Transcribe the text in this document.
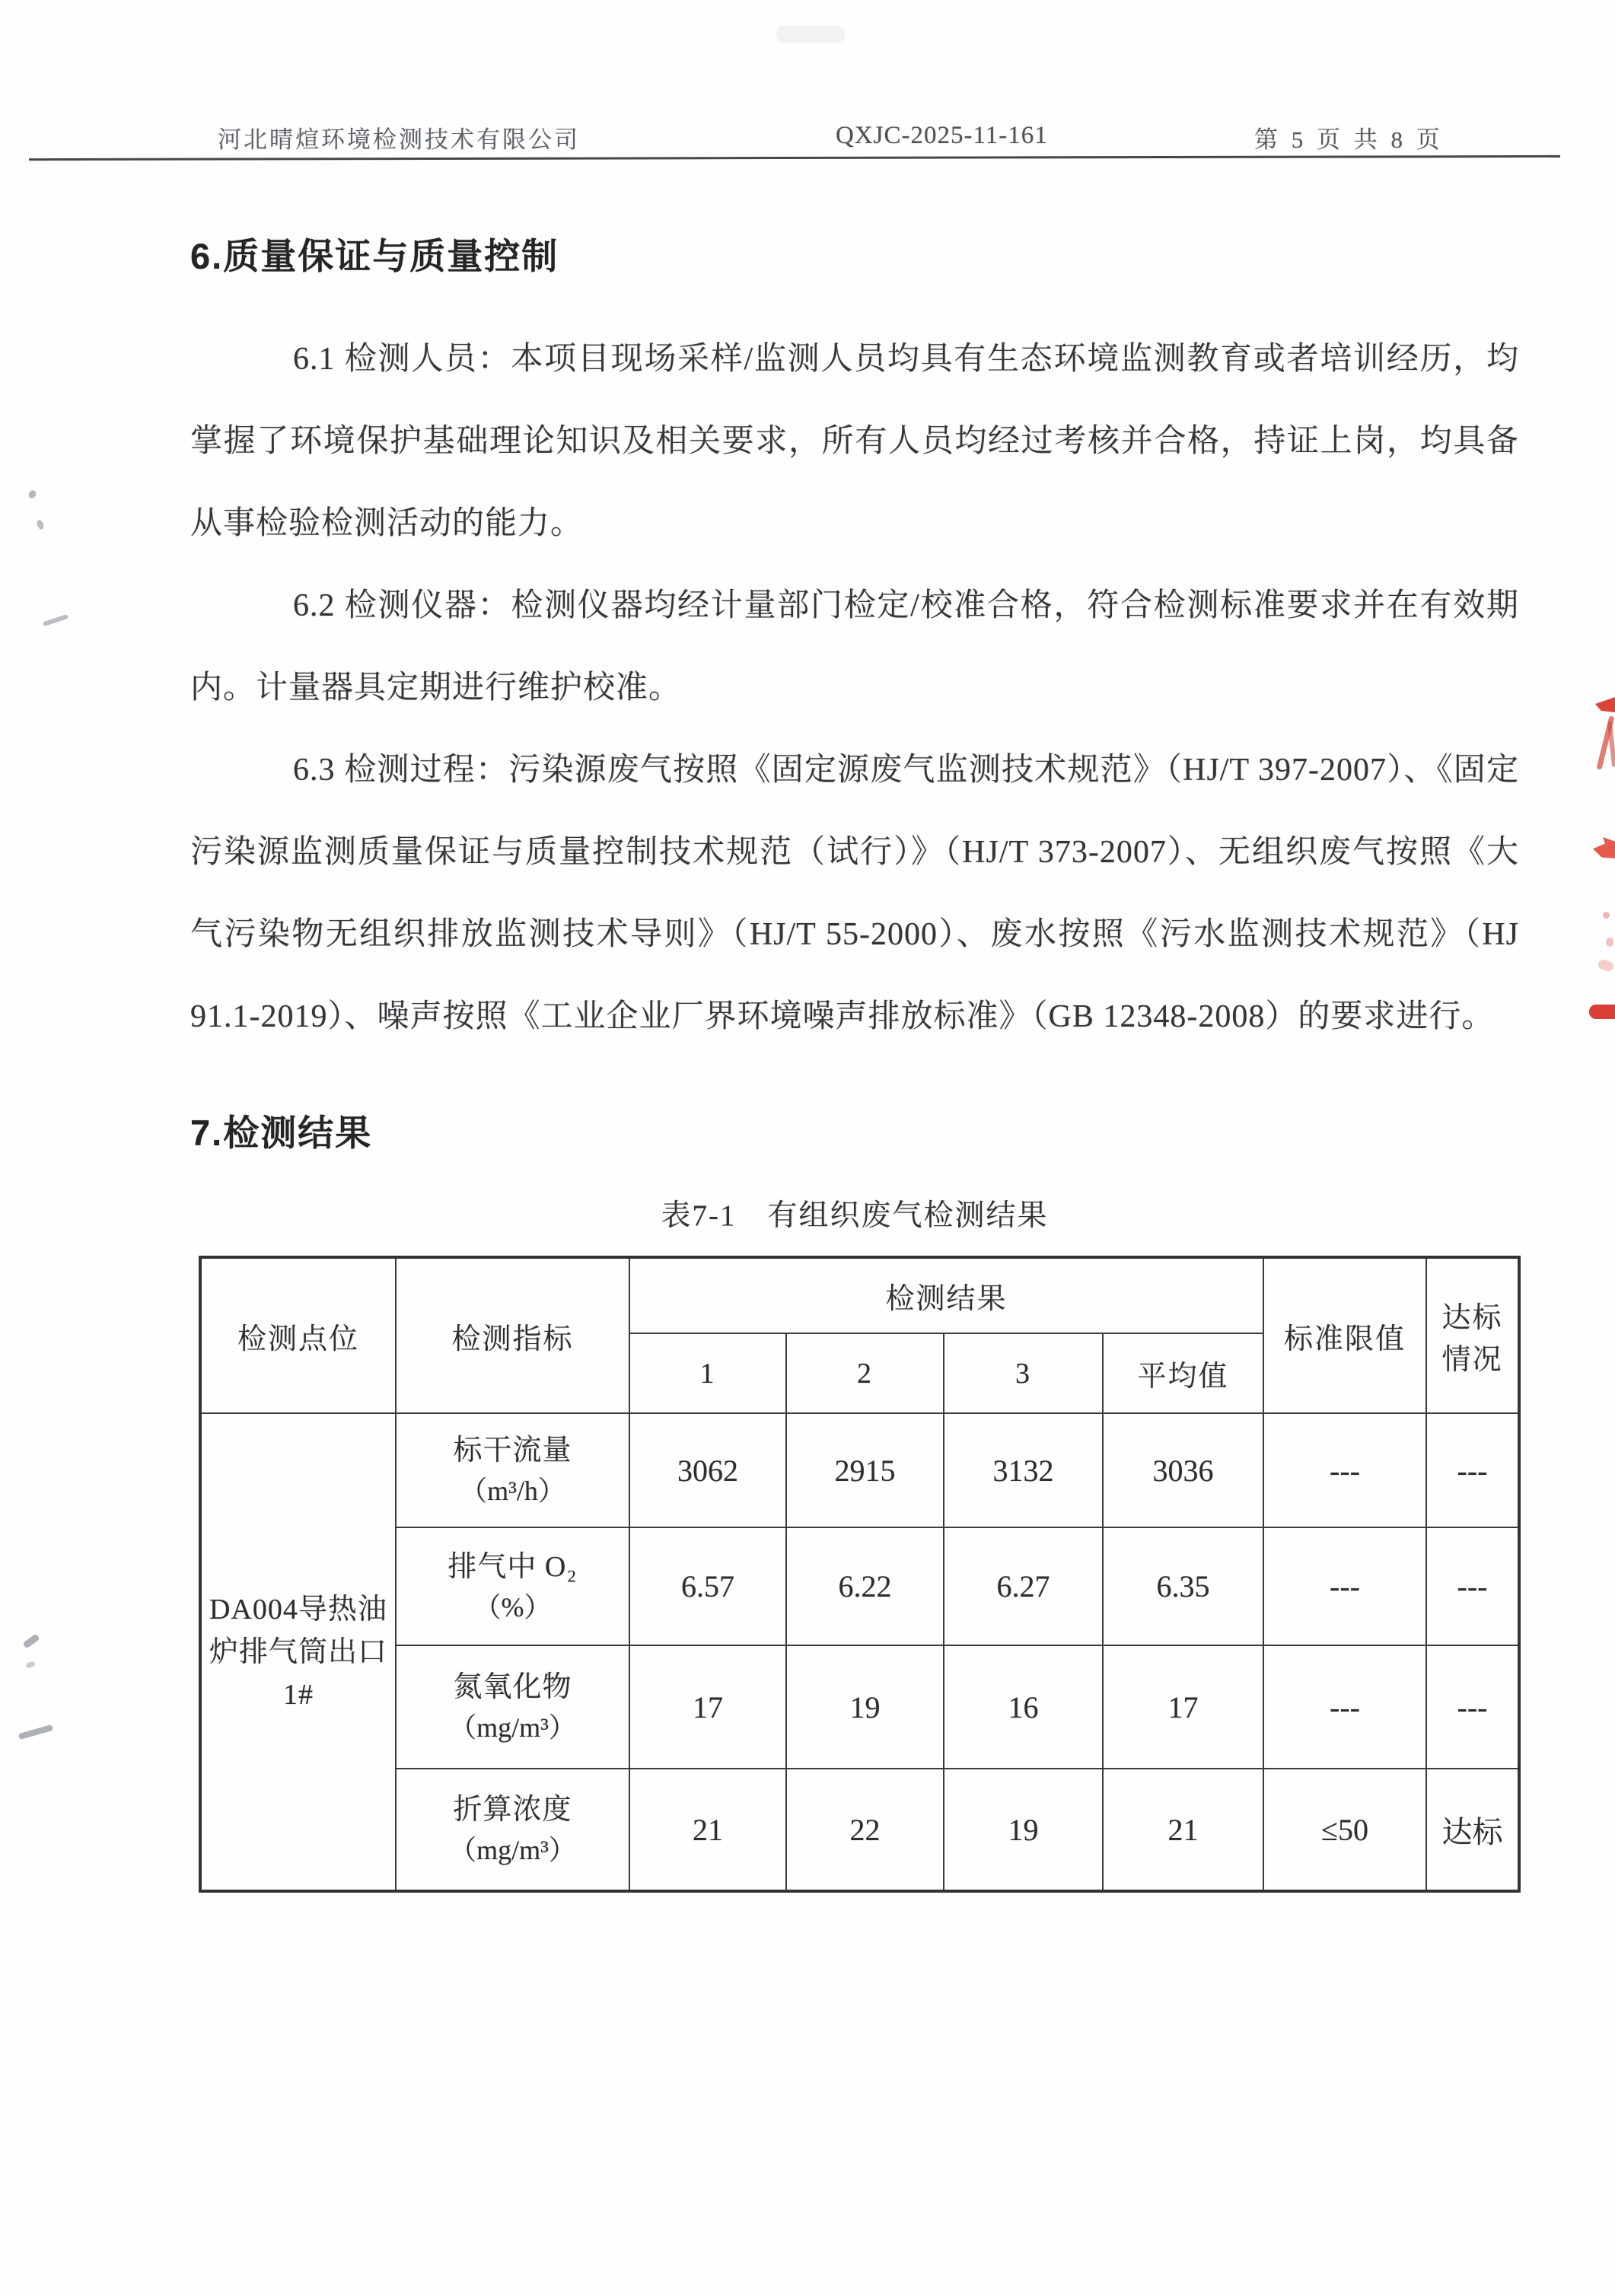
河北晴煊环境检测技术有限公司	QXJC-2025-11-161	第 5 页 共 8 页
6.质量保证与质量控制

6.1 检测人员：本项目现场采样/监测人员均具有生态环境监测教育或者培训经历，均掌握了环境保护基础理论知识及相关要求，所有人员均经过考核并合格，持证上岗，均具备从事检验检测活动的能力。

6.2 检测仪器：检测仪器均经计量部门检定/校准合格，符合检测标准要求并在有效期内。计量器具定期进行维护校准。

6.3 检测过程：污染源废气按照《固定源废气监测技术规范》（HJ/T 397-2007）、《固定污染源监测质量保证与质量控制技术规范（试行）》（HJ/T 373-2007）、无组织废气按照《大气污染物无组织排放监测技术导则》（HJ/T 55-2000）、废水按照《污水监测技术规范》（HJ 91.1-2019）、噪声按照《工业企业厂界环境噪声排放标准》（GB 12348-2008）的要求进行。

7.检测结果
表7-1　有组织废气检测结果
检测点位	检测指标	检测结果				标准限值	达标情况
		1	2	3	平均值		

DA004导热油
炉排气筒出口
1#

标干流量
（m³/h）
	3062	2915	3132	3036	---	---

	排气中 O₂
（%）	6.57	6.22	6.27	6.35	---	---

	氮氧化物
（mg/m³）	17	19	16	17	---	---

	折算浓度
（mg/m³）	21	22	19	21	≤50	达标
